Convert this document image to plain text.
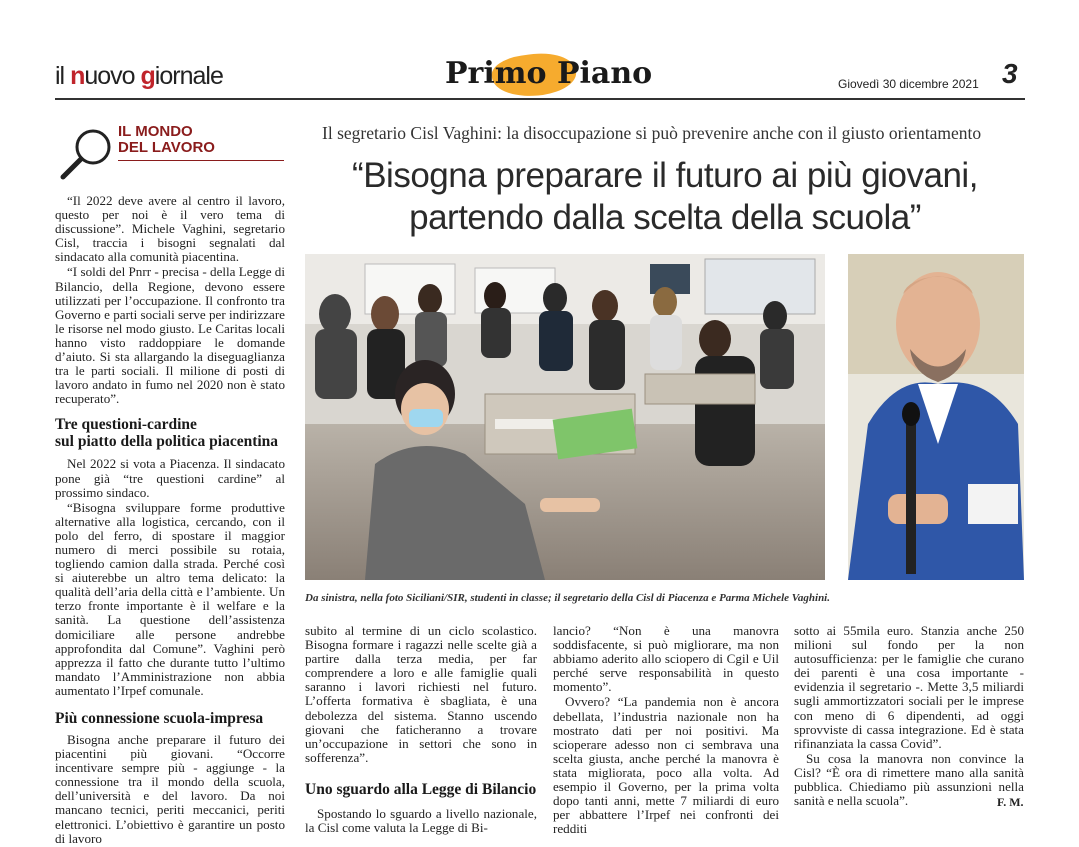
il nuovo giornale	Primo Piano	Giovedì 30 dicembre 2021 3
IL MONDO
DEL LAVORO

“Il 2022 deve avere al centro il lavoro, questo per noi è il vero tema di discussione”. Michele Vaghini, segretario Cisl, traccia i bisogni segnalati dal sindacato alla comunità piacentina.

“I soldi del Pnrr - precisa - della Legge di Bilancio, della Regione, devono essere utilizzati per l’occupazione. Il confronto tra Governo e parti sociali serve per indirizzare le risorse nel modo giusto. Le Caritas locali hanno visto raddoppiare le domande d’aiuto. Si sta allargando la diseguaglianza tra le parti sociali. Il milione di posti di lavoro andato in fumo nel 2020 non è stato recuperato”.

Tre questioni-cardine
sul piatto della politica piacentina

Nel 2022 si vota a Piacenza. Il sindacato pone già “tre questioni cardine” al prossimo sindaco.

“Bisogna sviluppare forme produttive alternative alla logistica, cercando, con il polo del ferro, di spostare il maggior numero di merci possibile su rotaia, togliendo camion dalla strada. Perché così si aiuterebbe un altro tema delicato: la qualità dell’aria della città e l’ambiente. Un terzo fronte importante è il welfare e la sanità. La questione dell’assistenza domiciliare alle persone andrebbe approfondita dal Comune”. Vaghini però apprezza il fatto che durante tutto l’ultimo mandato l’Amministrazione non abbia aumentato l’Irpef comunale.

Più connessione scuola-impresa

Bisogna anche preparare il futuro dei piacentini più giovani. “Occorre incentivare sempre più - aggiunge - la connessione tra il mondo della scuola, dell’università e del lavoro. Da noi mancano tecnici, periti meccanici, periti elettronici. L’obiettivo è garantire un posto di lavoro

Il segretario Cisl Vaghini: la disoccupazione si può prevenire anche con il giusto orientamento
“Bisogna preparare il futuro ai più giovani,
partendo dalla scelta della scuola”
Da sinistra, nella foto Siciliani/SIR, studenti in classe; il segretario della Cisl di Piacenza e Parma Michele Vaghini.

subito al termine di un ciclo scolastico. Bisogna formare i ragazzi nelle scelte già a partire dalla terza media, per far comprendere a loro e alle famiglie quali saranno i lavori richiesti nel futuro. L’offerta formativa è sbagliata, è una debolezza del sistema. Stanno uscendo giovani che faticheranno a trovare un’occupazione in settori che sono in sofferenza”.

Uno sguardo alla Legge di Bilancio

Spostando lo sguardo a livello nazionale, la Cisl come valuta la Legge di Bi-

lancio? “Non è una manovra soddisfacente, si può migliorare, ma non abbiamo aderito allo sciopero di Cgil e Uil perché serve responsabilità in questo momento”.

Ovvero? “La pandemia non è ancora debellata, l’industria nazionale non ha mostrato dati per noi positivi. Ma scioperare adesso non ci sembrava una scelta giusta, anche perché la manovra è stata migliorata, poco alla volta. Ad esempio il Governo, per la prima volta dopo tanti anni, mette 7 miliardi di euro per abbattere l’Irpef nei confronti dei redditi

sotto ai 55mila euro. Stanzia anche 250 milioni sul fondo per la non autosufficienza: per le famiglie che curano dei parenti è una cosa importante - evidenzia il segretario -. Mette 3,5 miliardi sugli ammortizzatori sociali per le imprese con meno di 6 dipendenti, ad oggi sprovviste di cassa integrazione. Ed è stata rifinanziata la cassa Covid”.

Su cosa la manovra non convince la Cisl? “È ora di rimettere mano alla sanità pubblica. Chiediamo più assunzioni nella sanità e nella scuola”.	F. M.
